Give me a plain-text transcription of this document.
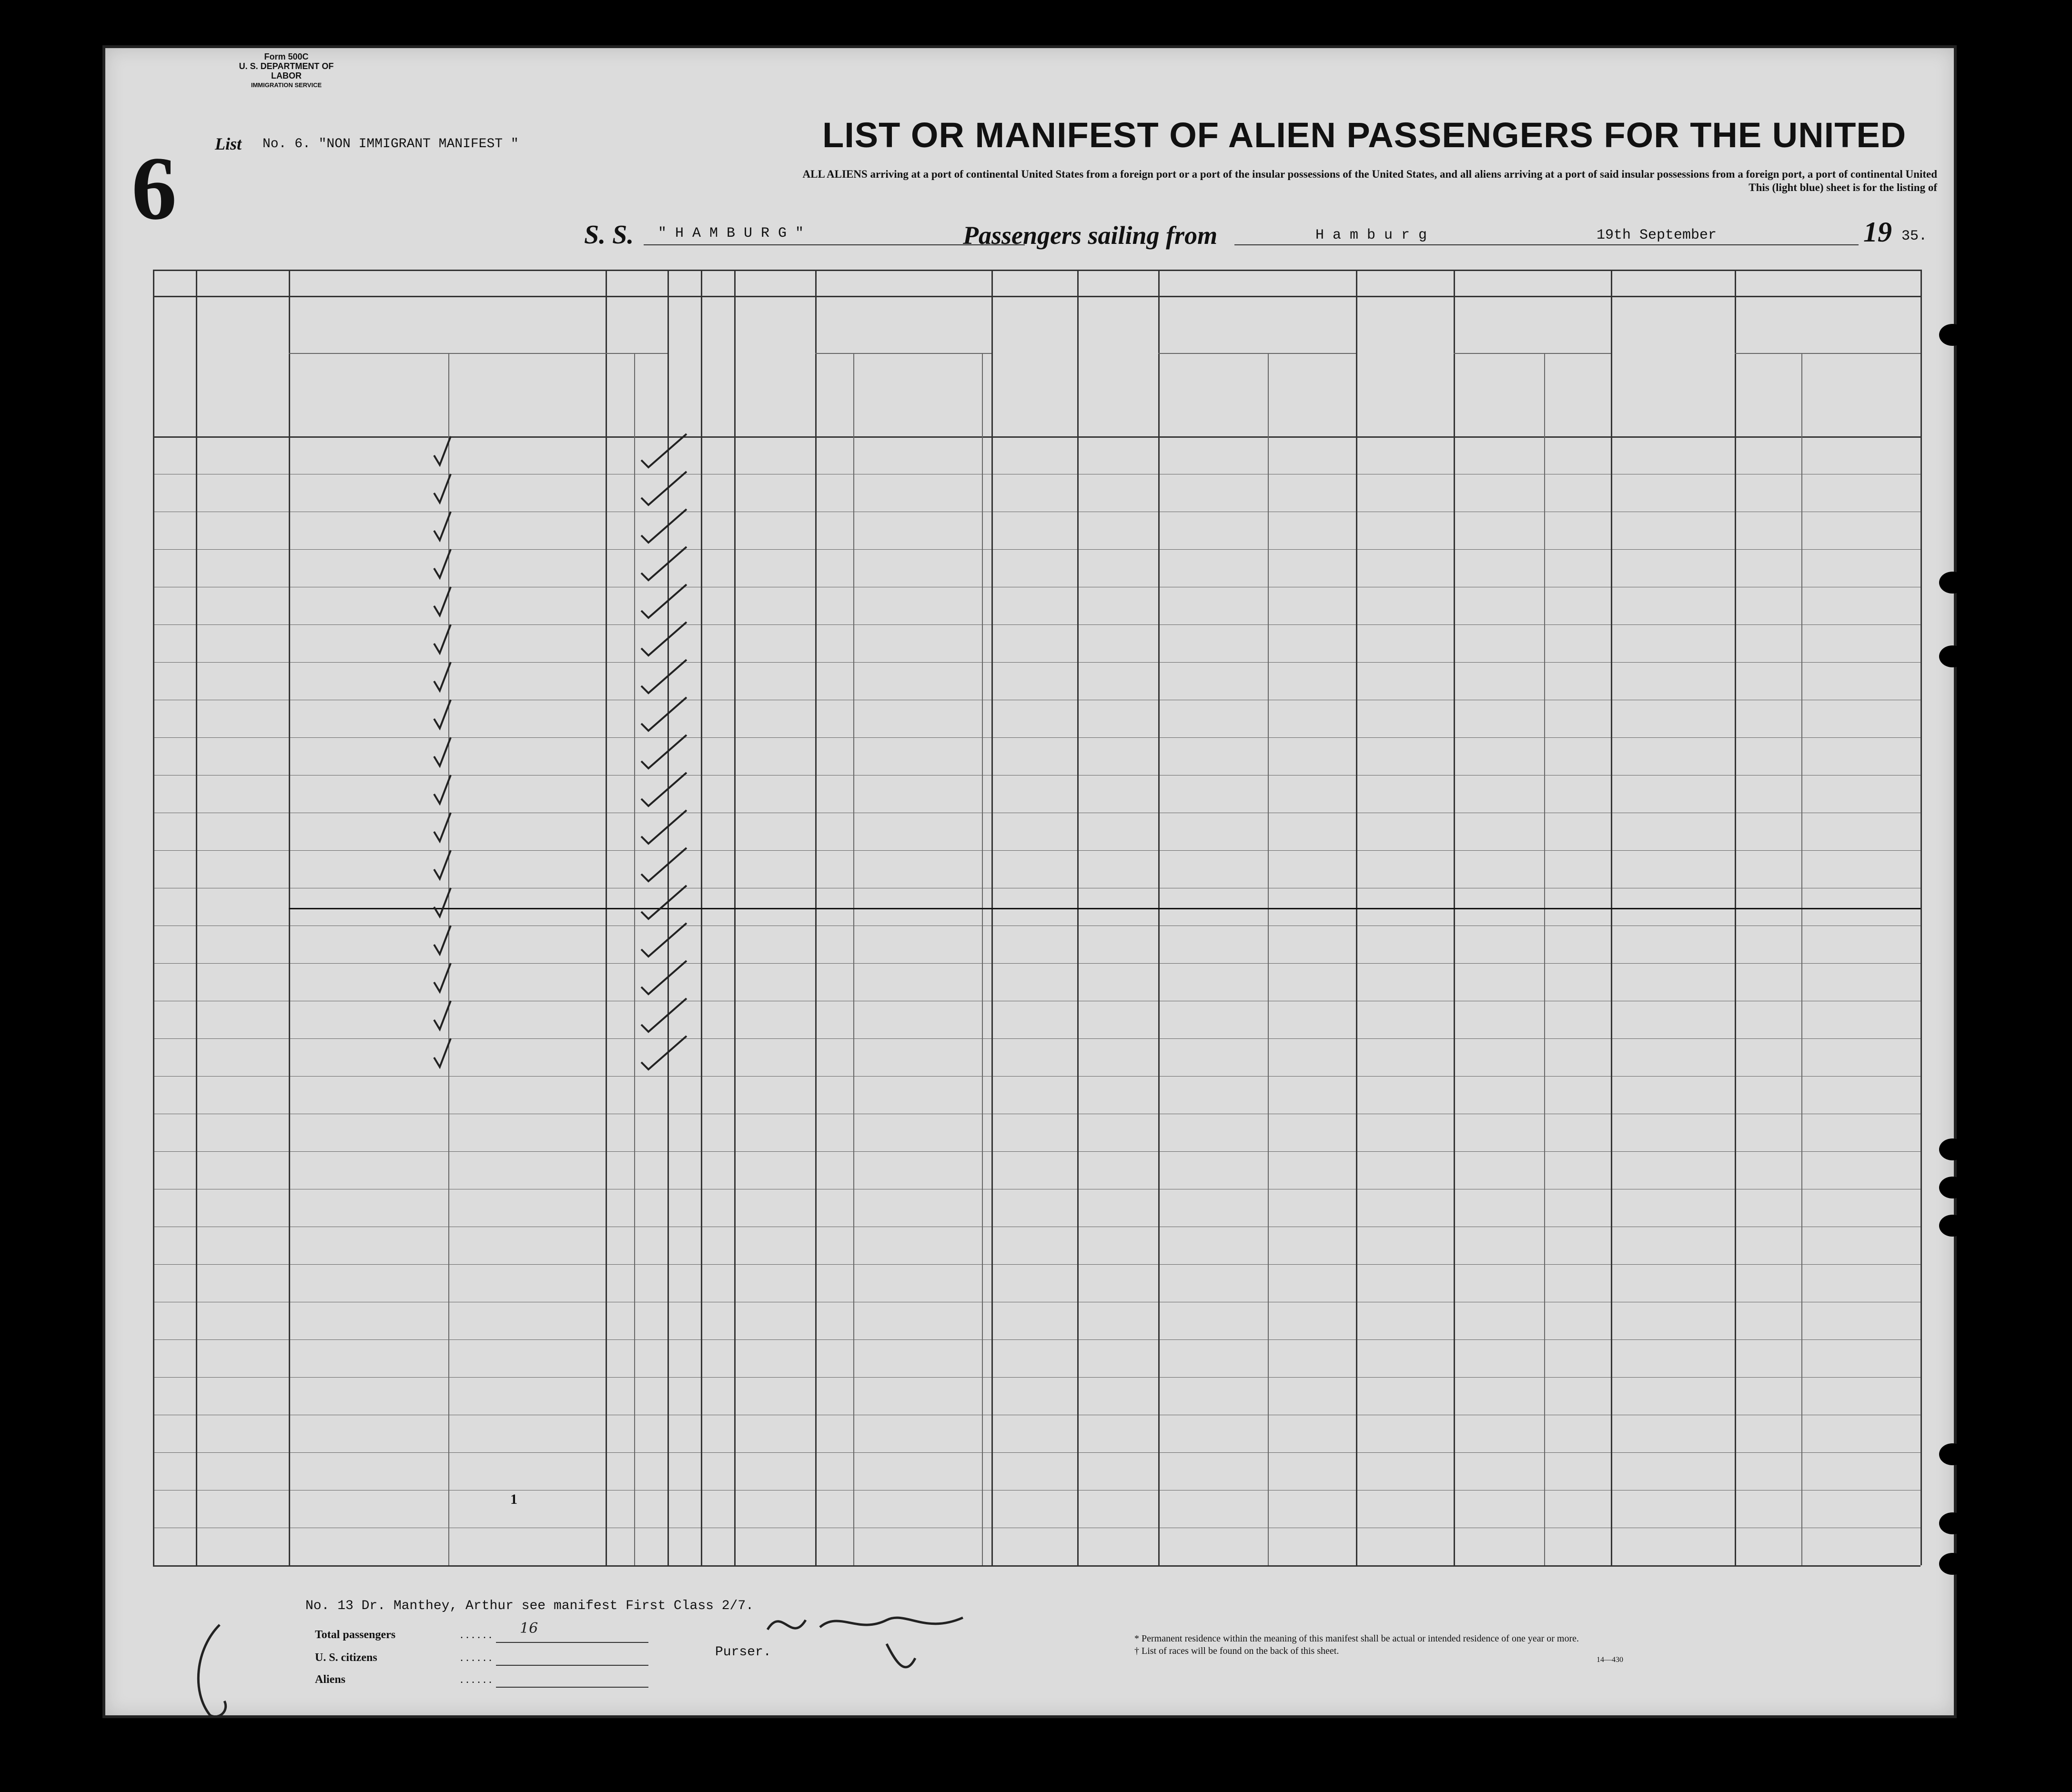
Form 500C
U. S. DEPARTMENT OF LABOR
IMMIGRATION SERVICE
6 List No. 6. "NON IMMIGRANT MANIFEST "	LIST OR MANIFEST OF ALIEN PASSENGERS FOR THE UNITED
ALL ALIENS arriving at a port of continental United States from a foreign port or a port of the insular possessions of the United States, and all aliens arriving at a port of said insular possessions from a foreign port, a port of continental United
This (light blue) sheet is for the listing of
S. S. " H A M B U R G "	Passengers sailing from	H a m b u r g	19th September	19 35.
No. 13 Dr. Manthey, Arthur see manifest First Class 2/7.
Total passengers	. . . . . . 16
U. S. citizens	. . . . . .
Aliens	. . . . . .
Purser.
* Permanent residence within the meaning of this manifest shall be actual or intended residence of one year or more.
† List of races will be found on the back of this sheet.
14—430
1
